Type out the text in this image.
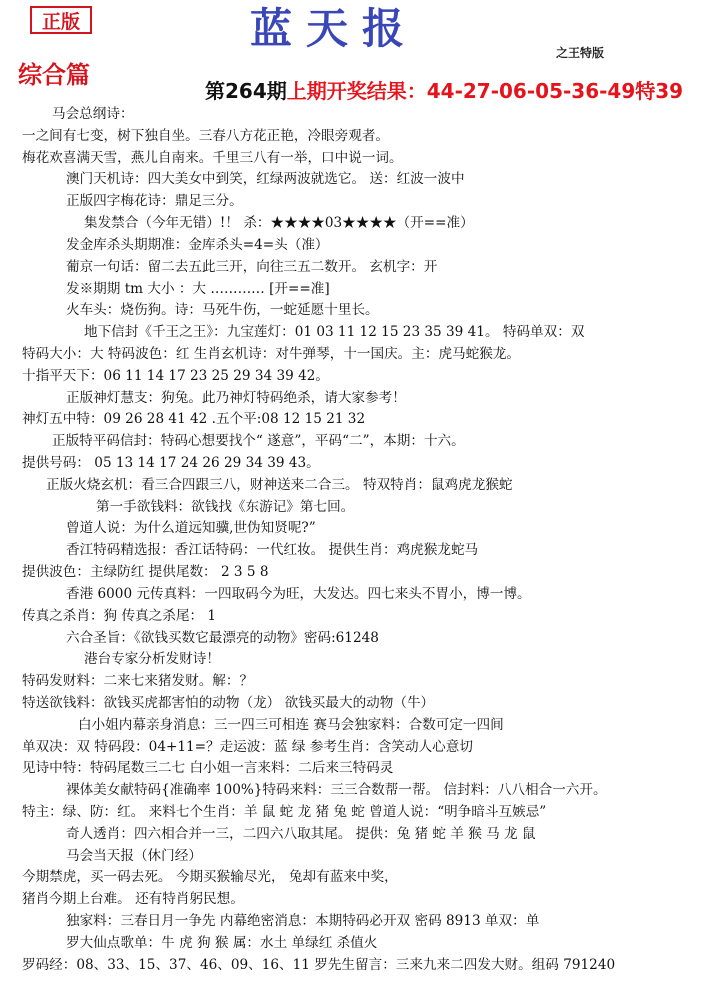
正版	蓝天报	之王特版
综合篇
第264期上期开奖结果：44-27-06-05-36-49特39
马会总纲诗：
一之间有七变，树下独自坐。三春八方花正艳，冷眼旁观者。
梅花欢喜满天雪，燕儿自南来。千里三八有一举，口中说一词。
澳门天机诗：四大美女中到笑，红绿两波就选它。 送：红波一波中
正版四字梅花诗：鼎足三分。
集发禁合（今年无错）!！ 杀：★★★★03★★★★（开==准）
发金库杀头期期准：金库杀头=4=头（准）
葡京一句话：留二去五此三开，向往三五二数开。 玄机字：开
发※期期 tm 大小 ：大 ………… [开==准]
火车头：烧伤狗。诗：马死牛伤，一蛇延愿十里长。
地下信封《千王之王》：九宝莲灯：01 03 11 12 15 23 35 39 41。 特码单双：双
特码大小：大 特码波色：红 生肖玄机诗：对牛弹琴，十一国庆。主：虎马蛇猴龙。
十指平天下：06 11 14 17 23 25 29 34 39 42。
正版神灯慧支：狗兔。此乃神灯特码绝杀，请大家参考！
神灯五中特：09 26 28 41 42 .五个平:08 12 15 21 32
正版特平码信封：特码心想要找个“ 遂意”，平码“二”，本期：十六。
提供号码： 05 13 14 17 24 26 29 34 39 43。
正版火烧玄机：看三合四跟三八，财神送来二合三。 特双特肖：鼠鸡虎龙猴蛇
第一手欲钱料：欲钱找《东游记》第七回。
曾道人说：为什么道远知骥,世伪知贤呢?”
香江特码精选报：香江话特码：一代红妆。 提供生肖：鸡虎猴龙蛇马
提供波色：主绿防红 提供尾数： 2 3 5 8
香港 6000 元传真料：一四取码今为旺，大发达。四七来头不胃小，博一博。
传真之杀肖：狗 传真之杀尾： 1
六合圣旨：《欲钱买数它最漂亮的动物》密码:61248
港台专家分析发财诗！
特码发财料：二来七来猪发财。解：？
特送欲钱料：欲钱买虎都害怕的动物（龙） 欲钱买最大的动物（牛）
白小姐内幕亲身消息：三一四三可相连 赛马会独家料：合数可定一四间
单双决：双 特码段：04+11=？走运波：蓝 绿 参考生肖：含笑动人心意切
见诗中特：特码尾数三二七 白小姐一言来料：二后来三特码灵
裸体美女献特码{准确率 100%}特码来料：三三合数帮一帮。 信封料：八八相合一六开。
特主：绿、防：红。 来料七个生肖：羊 鼠 蛇 龙 猪 兔 蛇 曾道人说：“明争暗斗互嫉忌”
奇人透肖：四六相合并一三，二四六八取其尾。 提供：兔 猪 蛇 羊 猴 马 龙 鼠
马会当天报（休门经）
今期禁虎，买一码去死。 今期买猴输尽光， 兔却有蓝来中奖，
猪肖今期上台难。 还有特肖躬民想。
独家料：三春日月一争先 内幕绝密消息：本期特码必开双 密码 8913 单双：单
罗大仙点歌单：牛 虎 狗 猴 属：水土 单绿红 杀值火
罗码经：08、33、15、37、46、09、16、11 罗先生留言：三来九来二四发大财。组码 791240
